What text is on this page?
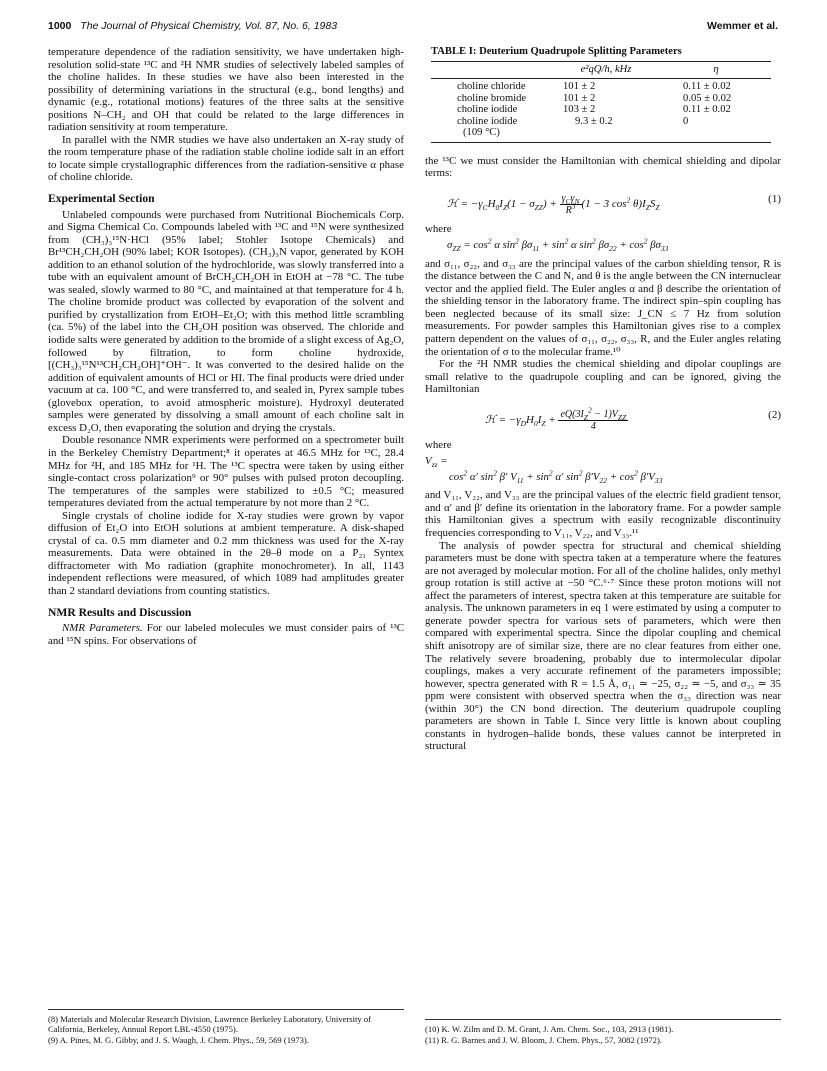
1000 The Journal of Physical Chemistry, Vol. 87, No. 6, 1983	Wemmer et al.

temperature dependence of the radiation sensitivity, we have undertaken high-resolution solid-state ¹³C and ²H NMR studies of selectively labeled samples of the choline halides. In these studies we have also been interested in the possibility of determining variations in the structural (e.g., bond lengths) and dynamic (e.g., rotational motions) features of the three salts at the sensitive positions N–CH₂ and OH that could be related to the large differences in radiation sensitivity at room temperature.

In parallel with the NMR studies we have also undertaken an X-ray study of the room temperature phase of the radiation stable choline iodide salt in an effort to locate simple crystallographic differences from the radiation-sensitive α phase of choline chloride.

Experimental Section

Unlabeled compounds were purchased from Nutritional Biochemicals Corp. and Sigma Chemical Co. Compounds labeled with ¹³C and ¹⁵N were synthesized from (CH₃)₃¹⁵N·HCl (95% label; Stohler Isotope Chemicals) and Br¹³CH₂CH₂OH (90% label; KOR Isotopes). (CH₃)₃N vapor, generated by KOH addition to an ethanol solution of the hydrochloride, was slowly transferred into a tube with an equivalent amount of BrCH₂CH₂OH in EtOH at −78 °C. The tube was sealed, slowly warmed to 80 °C, and maintained at that temperature for 4 h. The choline bromide product was collected by evaporation of the solvent and purified by crystallization from EtOH–Et₂O; with this method little scrambling (ca. 5%) of the label into the CH₂OH position was observed. The chloride and iodide salts were generated by addition to the bromide of a slight excess of Ag₂O, followed by filtration, to form choline hydroxide, [(CH₃)₃¹⁵N¹³CH₂CH₂OH]⁺OH⁻. It was converted to the desired halide on the addition of equivalent amounts of HCl or HI. The final products were dried under vacuum at ca. 100 °C, and were transferred to, and sealed in, Pyrex sample tubes (glovebox operation, to avoid atmospheric moisture). Hydroxyl deuterated samples were generated by dissolving a small amount of each choline salt in excess D₂O, then evaporating the solution and drying the crystals.

Double resonance NMR experiments were performed on a spectrometer built in the Berkeley Chemistry Department;⁸ it operates at 46.5 MHz for ¹³C, 28.4 MHz for ²H, and 185 MHz for ¹H. The ¹³C spectra were taken by using either single-contact cross polarization⁹ or 90° pulses with pulsed proton decoupling. The temperatures of the samples were stabilized to ±0.5 °C; measured temperatures deviated from the actual temperature by not more than 2 °C.

Single crystals of choline iodide for X-ray studies were grown by vapor diffusion of Et₂O into EtOH solutions at ambient temperature. A disk-shaped crystal of ca. 0.5 mm diameter and 0.2 mm thickness was used for the X-ray measurements. Data were obtained in the 2θ–θ mode on a P₂₁ Syntex diffractometer with Mo radiation (graphite monochrometer). In all, 1143 independent reflections were measured, of which 1089 had amplitudes greater than 2 standard deviations from counting statistics.

NMR Results and Discussion

NMR Parameters. For our labeled molecules we must consider pairs of ¹³C and ¹⁵N spins. For observations of

(8) Materials and Molecular Research Division, Lawrence Berkeley Laboratory, University of California, Berkeley, Annual Report LBL-4550 (1975).
(9) A. Pines, M. G. Gibby, and J. S. Waugh, J. Chem. Phys., 59, 569 (1973).
TABLE I: Deuterium Quadrupole Splitting Parameters
	e²qQ/h, kHz	η
choline chloride	101 ± 2	0.11 ± 0.02
choline bromide	101 ± 2	0.05 ± 0.02
choline iodide	103 ± 2	0.11 ± 0.02
choline iodide	9.3 ± 0.2	0
(109 °C)		

the ¹³C we must consider the Hamiltonian with chemical shielding and dipolar terms:

ℋ = $-\gamma_CH_0I_Z(1 - \sigma_{ZZ}) + \frac{\gamma_C\gamma_N}{R^3} (1 - 3$ $\cos^2 \theta)I_ZS_Z$
(1)
where
$\sigma_{ZZ} = \cos^2 \alpha$ $\sin^2 \beta\sigma_{11} + \sin^2 \alpha$ $\sin^2 \beta\sigma_{22} + \cos^2 \beta\sigma_{33}$

and σ₁₁, σ₂₂, and σ₃₃ are the principal values of the carbon shielding tensor, R is the distance between the C and N, and θ is the angle between the CN internuclear vector and the applied field. The Euler angles α and β describe the orientation of the shielding tensor in the laboratory frame. The indirect spin–spin coupling has been neglected because of its small size: J_CN ≤ 7 Hz from solution measurements. For powder samples this Hamiltonian gives rise to a complex pattern dependent on the values of σ₁₁, σ₂₂, σ₃₃, R, and the Euler angles relating the orientation of σ to the molecular frame.¹⁰

For the ²H NMR studies the chemical shielding and dipolar couplings are small relative to the quadrupole coupling and can be ignored, giving the Hamiltonian

ℋ = $-\gamma_DH_0I_Z + \frac{eQ(3I_Z^2 - 1)V_{ZZ}}{4}$	(2)
where
$V_{zz}$ =
$\cos^2 \alpha'$ $\sin^2 \beta'$ $V_{11} + \sin^2 \alpha'$ $\sin^2 \beta'V_{22} + \cos^2 \beta'V_{33}$

and V₁₁, V₂₂, and V₃₃ are the principal values of the electric field gradient tensor, and α′ and β′ define its orientation in the laboratory frame. For a powder sample this Hamiltonian gives a spectrum with easily recognizable discontinuity frequencies corresponding to V₁₁, V₂₂, and V₃₃.¹¹

The analysis of powder spectra for structural and chemical shielding parameters must be done with spectra taken at a temperature where the features are not averaged by molecular motion. For all of the choline halides, only methyl group rotation is still active at −50 °C.⁶·⁷ Since these proton motions will not affect the parameters of interest, spectra taken at this temperature are suitable for analysis. The unknown parameters in eq 1 were estimated by using a computer to generate powder spectra for various sets of parameters, which were then compared with experimental spectra. Since the dipolar coupling and chemical shift anisotropy are of similar size, there are no clear features from either one. The relatively severe broadening, probably due to intermolecular dipolar couplings, makes a very accurate refinement of the parameters impossible; however, spectra generated with R = 1.5 Å, σ₁₁ ≃ −25, σ₂₂ ≃ −5, and σ₃₃ ≃ 35 ppm were consistent with observed spectra when the σ₃₃ direction was near (within 30°) the CN bond direction. The deuterium quadrupole coupling parameters are shown in Table I. Since very little is known about coupling constants in hydrogen–halide bonds, these values cannot be interpreted in structural

(10) K. W. Zilm and D. M. Grant, J. Am. Chem. Soc., 103, 2913 (1981).
(11) R. G. Barnes and J. W. Bloom, J. Chem. Phys., 57, 3082 (1972).
